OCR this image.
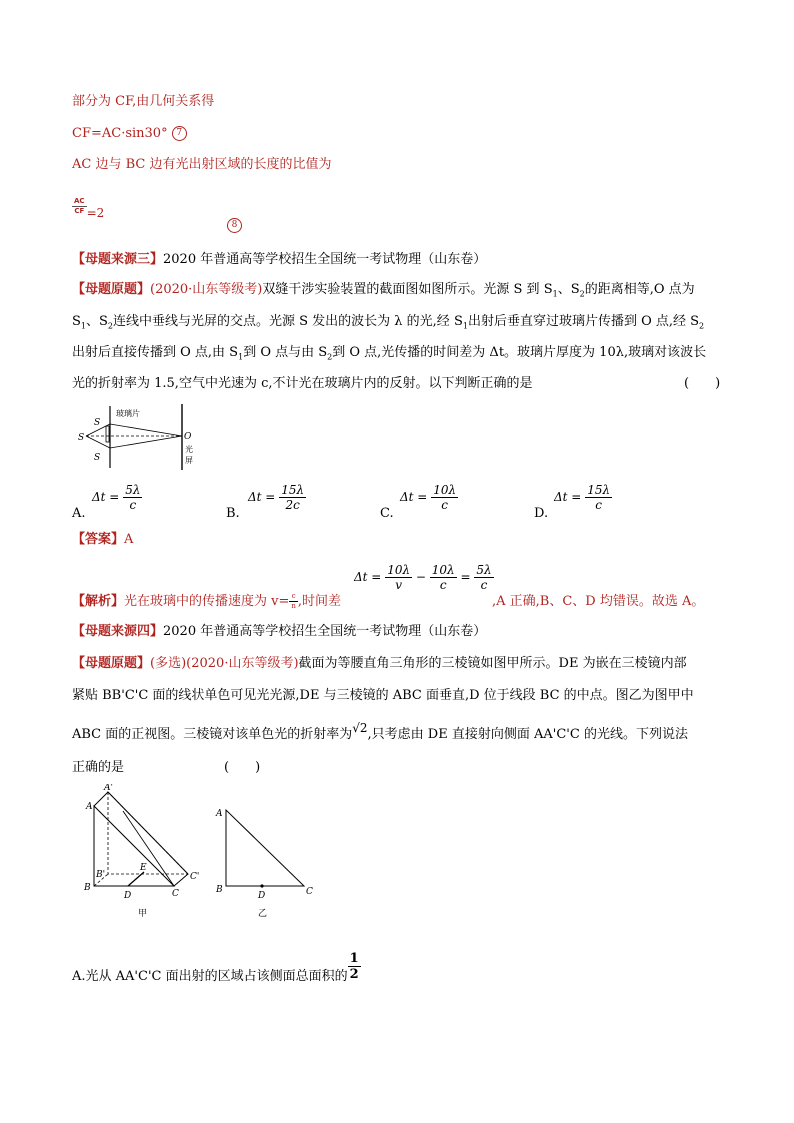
部分为 CF,由几何关系得
CF=AC·sin30° 7
AC 边与 BC 边有光出射区域的长度的比值为
$\frac{AC}{CF} =2$
8
【母题来源三】2020 年普通高等学校招生全国统一考试物理（山东卷）
【母题原题】(2020·山东等级考)双缝干涉实验装置的截面图如图所示。光源 S 到 $S_1$、$S_2$的距离相等,O 点为
$S_1$、$S_2$连线中垂线与光屏的交点。光源 S 发出的波长为 λ 的光,经 $S_1$出射后垂直穿过玻璃片传播到 O 点,经 $S_2$
出射后直接传播到 O 点,由 $S_1$到 O 点与由 $S_2$到 O 点,光传播的时间差为 Δt。玻璃片厚度为 10λ,玻璃对该波长
光的折射率为 1.5,空气中光速为 c,不计光在玻璃片内的反射。以下判断正确的是	(　　)
S
S
S
玻璃片
O
光
屏
A.
$\Delta t = \frac{5\lambda}{c}$
B.
$\Delta t = \frac{15\lambda}{2c}$
C.
$\Delta t = \frac{10\lambda}{c}$
D.
$\Delta t = \frac{15\lambda}{c}$
【答案】A
【解析】光在玻璃中的传播速度为 $v= \frac{c}{n}$ ,时间差
$\Delta t = \frac{10\lambda}{v} - \frac{10\lambda}{c} = \frac{5\lambda}{c}$
,A 正确,B、C、D 均错误。故选 A。
【母题来源四】2020 年普通高等学校招生全国统一考试物理（山东卷）
【母题原题】(多选)(2020·山东等级考)截面为等腰直角三角形的三棱镜如图甲所示。DE 为嵌在三棱镜内部
紧贴 BB'C'C 面的线状单色可见光光源,DE 与三棱镜的 ABC 面垂直,D 位于线段 BC 的中点。图乙为图甲中
ABC 面的正视图。三棱镜对该单色光的折射率为√2,只考虑由 DE 直接射向侧面 AA'C'C 的光线。下列说法
正确的是	(　　)
A
A'
B'
E
C'
B
D	C
甲
A
B
D	C
乙
A.光从 AA'C'C 面出射的区域占该侧面总面积的 $\frac{1}{2}$
